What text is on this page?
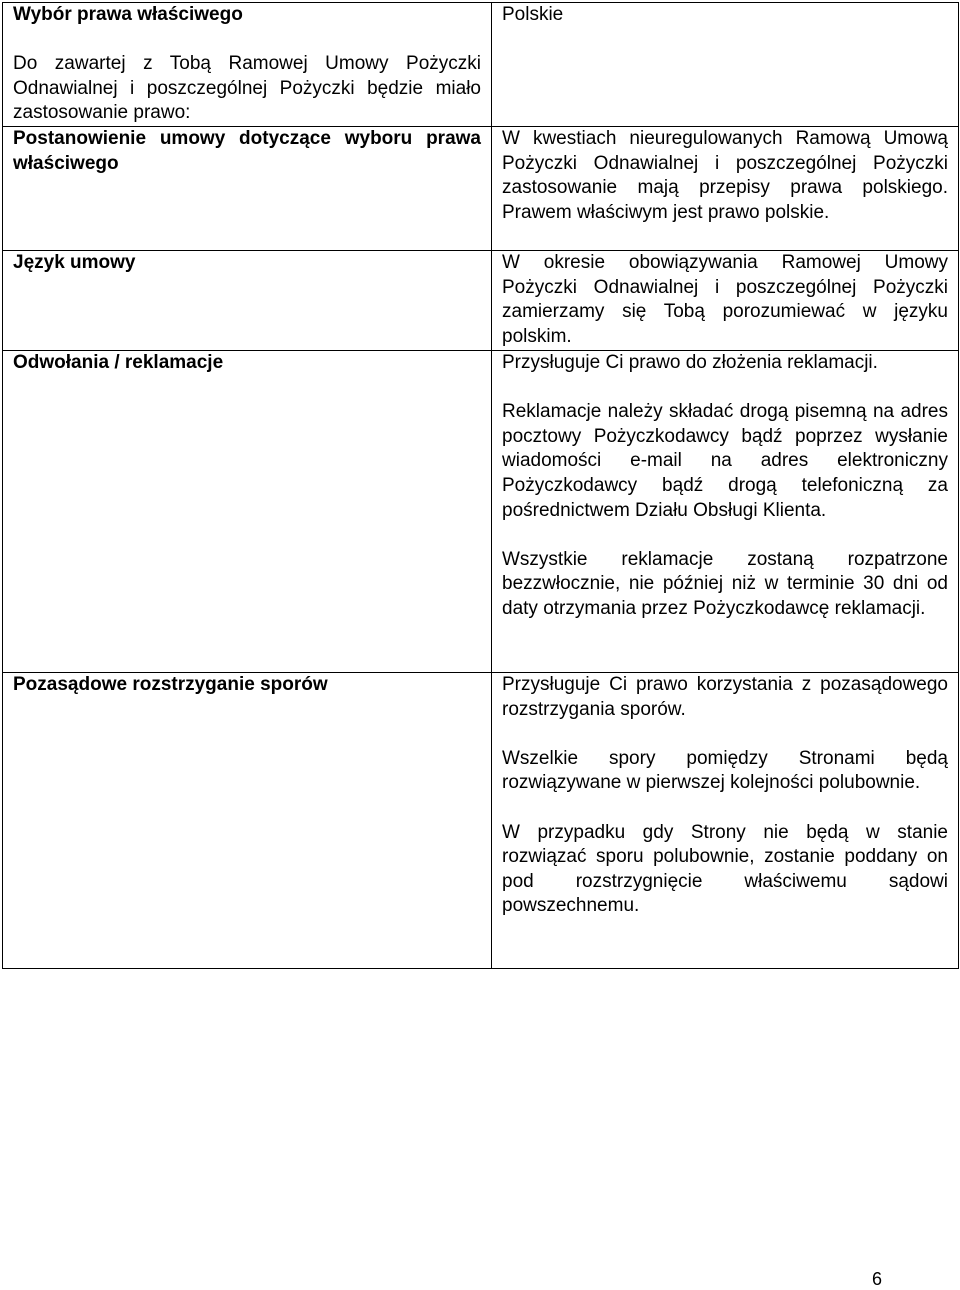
Wybór prawa właściwego
Do zawartej z Tobą Ramowej Umowy Pożyczki Odnawialnej i poszczególnej Pożyczki będzie miało zastosowanie prawo:	Polskie

Postanowienie umowy dotyczące wyboru prawa właściwego	W kwestiach nieuregulowanych Ramową Umową Pożyczki Odnawialnej i poszczególnej Pożyczki zastosowanie mają przepisy prawa polskiego. Prawem właściwym jest prawo polskie.

Język umowy	W okresie obowiązywania Ramowej Umowy Pożyczki Odnawialnej i poszczególnej Pożyczki zamierzamy się Tobą porozumiewać w języku polskim.

Odwołania / reklamacje	Przysługuje Ci prawo do złożenia reklamacji.
Reklamacje należy składać drogą pisemną na adres pocztowy Pożyczkodawcy bądź poprzez wysłanie wiadomości e-mail na adres elektroniczny Pożyczkodawcy bądź drogą telefoniczną za pośrednictwem Działu Obsługi Klienta.
Wszystkie reklamacje zostaną rozpatrzone bezzwłocznie, nie później niż w terminie 30 dni od daty otrzymania przez Pożyczkodawcę reklamacji.

Pozasądowe rozstrzyganie sporów	Przysługuje Ci prawo korzystania z pozasądowego rozstrzygania sporów.
Wszelkie spory pomiędzy Stronami będą rozwiązywane w pierwszej kolejności polubownie.
W przypadku gdy Strony nie będą w stanie rozwiązać sporu polubownie, zostanie poddany on pod rozstrzygnięcie właściwemu sądowi powszechnemu.
6
